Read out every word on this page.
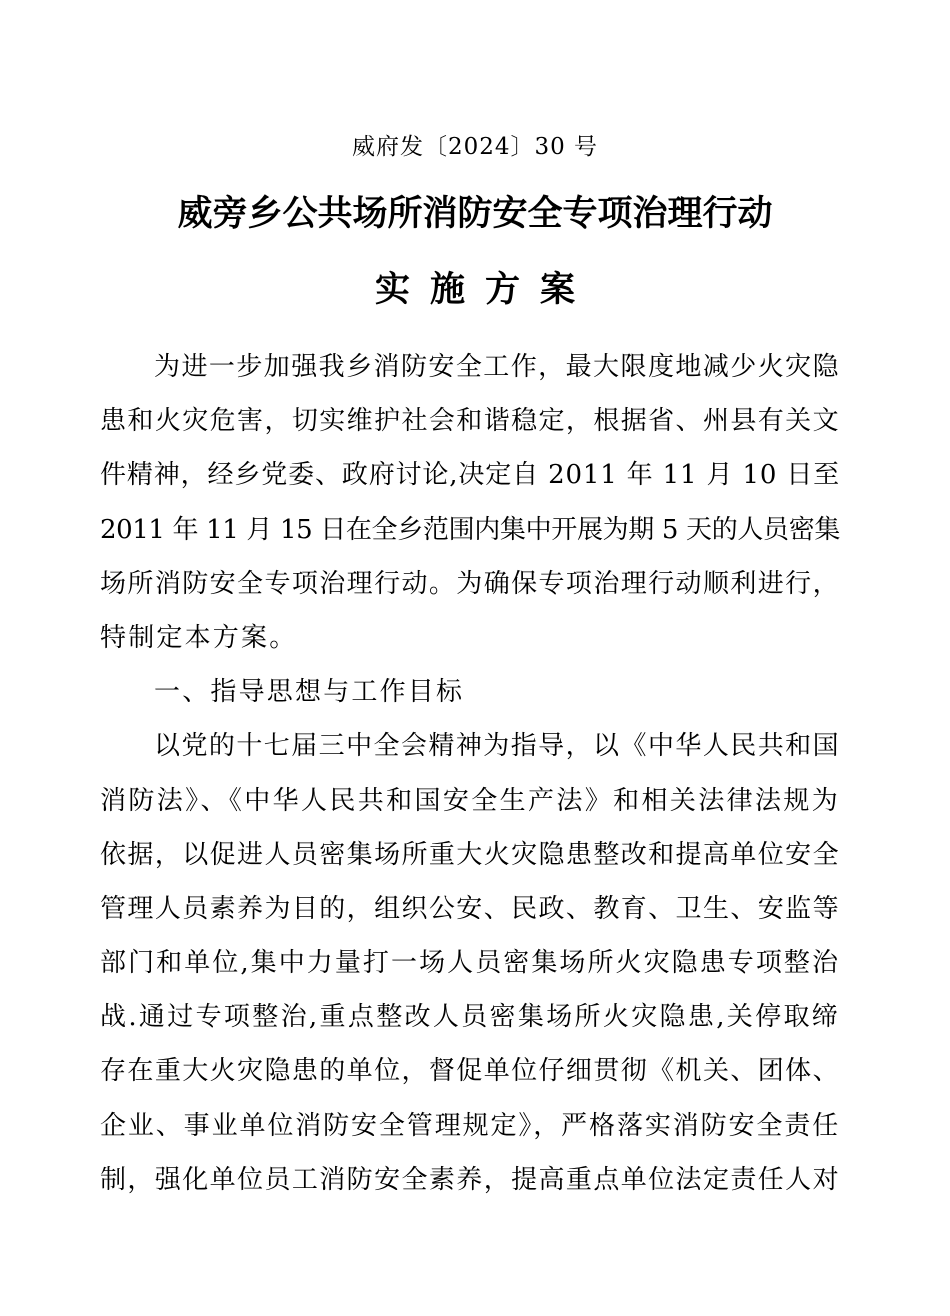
威府发〔2024〕30 号
威旁乡公共场所消防安全专项治理行动
实施方案

为进一步加强我乡消防安全工作，最大限度地减少火灾隐
患和火灾危害，切实维护社会和谐稳定，根据省、州县有关文
件精神，经乡党委、政府讨论,决定自 2011 年 11 月 10 日至
2011 年 11 月 15 日在全乡范围内集中开展为期 5 天的人员密集
场所消防安全专项治理行动。为确保专项治理行动顺利进行，
特制定本方案。

一、指导思想与工作目标

以党的十七届三中全会精神为指导，以《中华人民共和国
消防法》、《中华人民共和国安全生产法》和相关法律法规为
依据，以促进人员密集场所重大火灾隐患整改和提高单位安全
管理人员素养为目的，组织公安、民政、教育、卫生、安监等
部门和单位,集中力量打一场人员密集场所火灾隐患专项整治
战.通过专项整治,重点整改人员密集场所火灾隐患,关停取缔
存在重大火灾隐患的单位，督促单位仔细贯彻《机关、团体、
企业、事业单位消防安全管理规定》，严格落实消防安全责任
制，强化单位员工消防安全素养，提高重点单位法定责任人对
